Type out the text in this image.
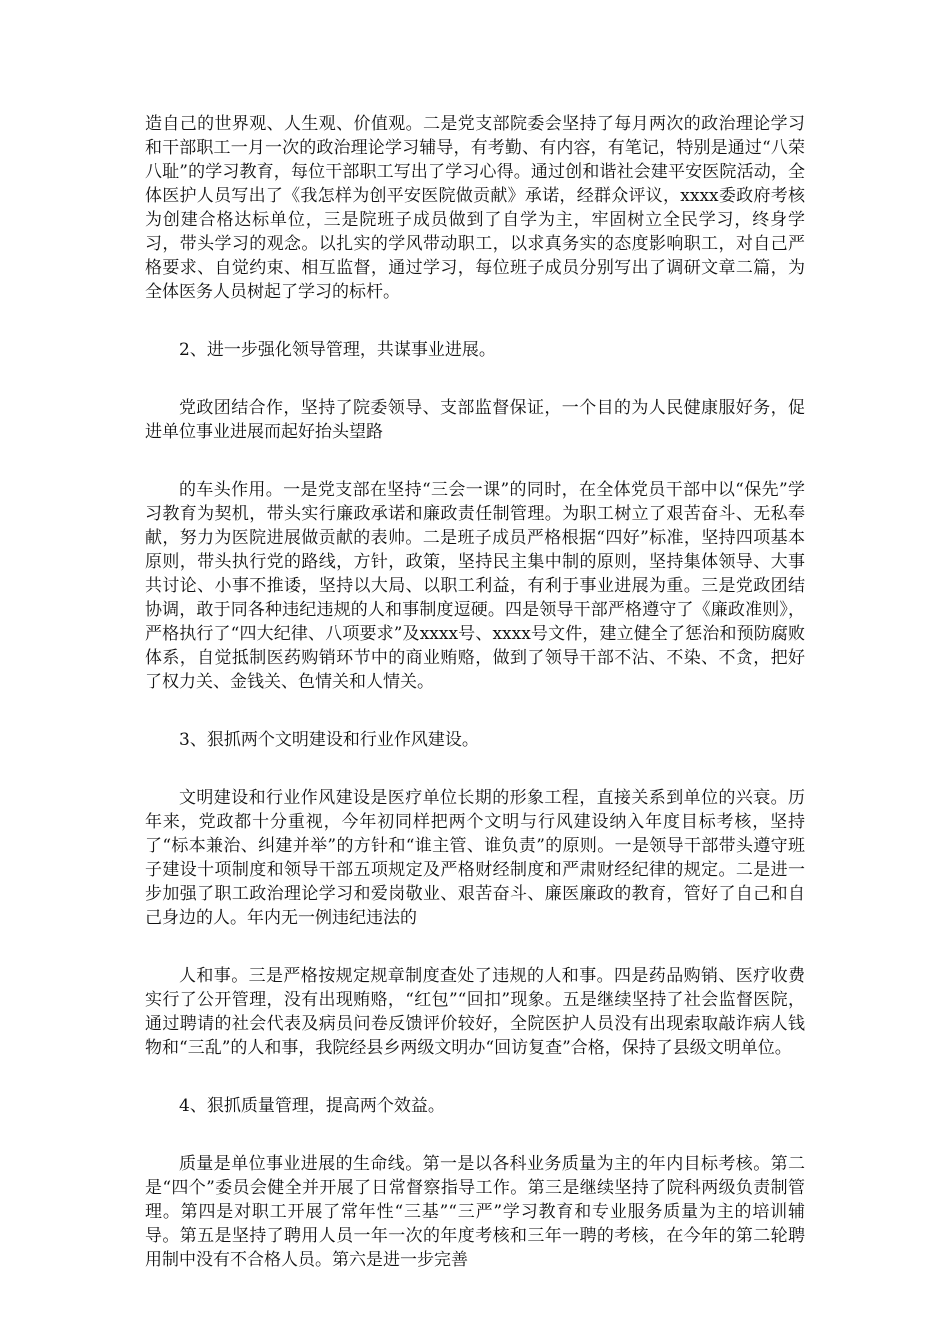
造自己的世界观、人生观、价值观。二是党支部院委会坚持了每月两次的政治理论学习和干部职工一月一次的政治理论学习辅导，有考勤、有内容，有笔记，特别是通过“八荣八耻”的学习教育，每位干部职工写出了学习心得。通过创和谐社会建平安医院活动，全体医护人员写出了《我怎样为创平安医院做贡献》承诺，经群众评议，xxxx委政府考核为创建合格达标单位，三是院班子成员做到了自学为主，牢固树立全民学习，终身学习，带头学习的观念。以扎实的学风带动职工，以求真务实的态度影响职工，对自己严格要求、自觉约束、相互监督，通过学习，每位班子成员分别写出了调研文章二篇，为全体医务人员树起了学习的标杆。

2、进一步强化领导管理，共谋事业进展。

党政团结合作，坚持了院委领导、支部监督保证，一个目的为人民健康服好务，促进单位事业进展而起好抬头望路

的车头作用。一是党支部在坚持“三会一课”的同时，在全体党员干部中以“保先”学习教育为契机，带头实行廉政承诺和廉政责任制管理。为职工树立了艰苦奋斗、无私奉献，努力为医院进展做贡献的表帅。二是班子成员严格根据“四好”标准，坚持四项基本原则，带头执行党的路线，方针，政策，坚持民主集中制的原则，坚持集体领导、大事共讨论、小事不推诿，坚持以大局、以职工利益，有利于事业进展为重。三是党政团结协调，敢于同各种违纪违规的人和事制度逗硬。四是领导干部严格遵守了《廉政准则》，严格执行了“四大纪律、八项要求”及xxxx号、xxxx号文件，建立健全了惩治和预防腐败体系，自觉抵制医药购销环节中的商业贿赂，做到了领导干部不沾、不染、不贪，把好了权力关、金钱关、色情关和人情关。

3、狠抓两个文明建设和行业作风建设。

文明建设和行业作风建设是医疗单位长期的形象工程，直接关系到单位的兴衰。历年来，党政都十分重视，今年初同样把两个文明与行风建设纳入年度目标考核，坚持了“标本兼治、纠建并举”的方针和“谁主管、谁负责”的原则。一是领导干部带头遵守班子建设十项制度和领导干部五项规定及严格财经制度和严肃财经纪律的规定。二是进一步加强了职工政治理论学习和爱岗敬业、艰苦奋斗、廉医廉政的教育，管好了自己和自己身边的人。年内无一例违纪违法的

人和事。三是严格按规定规章制度查处了违规的人和事。四是药品购销、医疗收费实行了公开管理，没有出现贿赂，“红包”“回扣”现象。五是继续坚持了社会监督医院，通过聘请的社会代表及病员问卷反馈评价较好，全院医护人员没有出现索取敲诈病人钱物和“三乱”的人和事，我院经县乡两级文明办“回访复查”合格，保持了县级文明单位。

4、狠抓质量管理，提高两个效益。

质量是单位事业进展的生命线。第一是以各科业务质量为主的年内目标考核。第二是“四个”委员会健全并开展了日常督察指导工作。第三是继续坚持了院科两级负责制管理。第四是对职工开展了常年性“三基”“三严”学习教育和专业服务质量为主的培训辅导。第五是坚持了聘用人员一年一次的年度考核和三年一聘的考核，在今年的第二轮聘用制中没有不合格人员。第六是进一步完善
